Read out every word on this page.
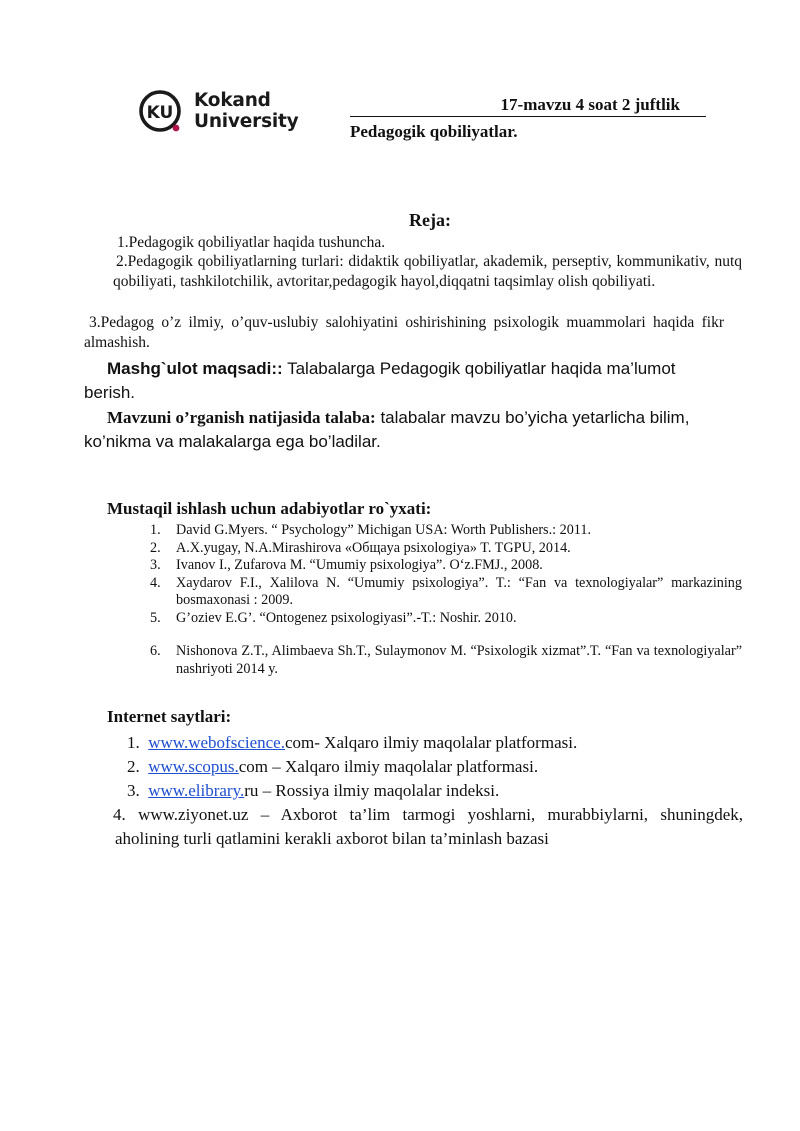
KU
Kokand
University
17-mavzu 4 soat 2 juftlik
Pedagogik qobiliyatlar.
Reja:
1.Pedagogik qobiliyatlar haqida tushuncha.
2.Pedagogik qobiliyatlarning turlari: didaktik qobiliyatlar, akademik, perseptiv, kommunikativ, nutq qobiliyati, tashkilotchilik, avtoritar,pedagogik hayol,diqqatni taqsimlay olish qobiliyati.
3.Pedagog o’z ilmiy, o’quv-uslubiy salohiyatini oshirishining psixologik muammolari haqida fikr almashish.
Mashg`ulot maqsadi:: Talabalarga Pedagogik qobiliyatlar haqida ma’lumot berish.
Mavzuni o’rganish natijasida talaba: talabalar mavzu bo’yicha yetarlicha bilim, ko’nikma va malakalarga ega bo’ladilar.
Mustaqil ishlash uchun adabiyotlar ro`yxati:
1. David G.Myers. “ Psychology” Michigan USA: Worth Publishers.: 2011.
2. A.X.yugay, N.A.Mirashirova «Oбщaya psixologiya» T. TGPU, 2014.
3. Ivanov I., Zufarova M. “Umumiy psixologiya”. O‘z.FMJ., 2008.
4. Xaydarov F.I., Xalilova N. “Umumiy psixologiya”. T.: “Fan va texnologiyalar” markazining bosmaxonasi : 2009.
5. G’oziev E.G’. “Ontogenez psixologiyasi”.-T.: Noshir. 2010.
6. Nishonova Z.T., Alimbaeva Sh.T., Sulaymonov M. “Psixologik xizmat”.T. “Fan va texnologiyalar” nashriyoti 2014 y.
Internet saytlari:
1. www.webofscience.com- Xalqaro ilmiy maqolalar platformasi.
2. www.scopus.com – Xalqaro ilmiy maqolalar platformasi.
3. www.elibrary.ru – Rossiya ilmiy maqolalar indeksi.
4. www.ziyonet.uz – Axborot ta’lim tarmogi yoshlarni, murabbiylarni, shuningdek, aholining turli qatlamini kerakli axborot bilan ta’minlash bazasi
